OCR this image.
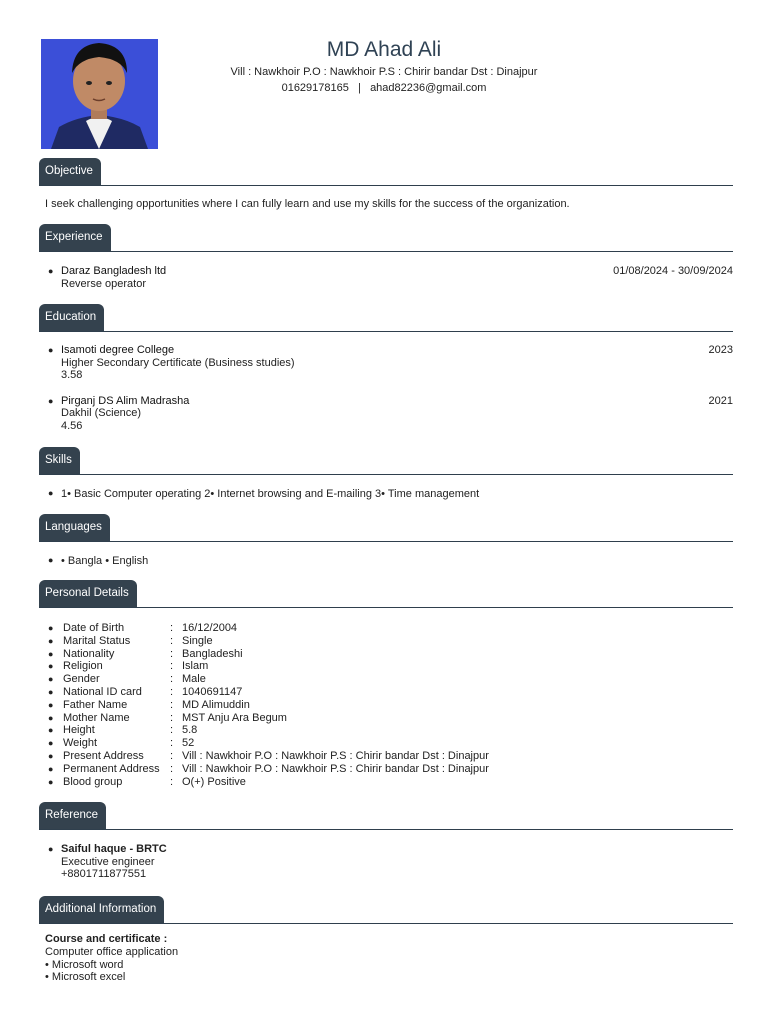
MD Ahad Ali
Vill : Nawkhoir P.O : Nawkhoir P.S : Chirir bandar Dst : Dinajpur
01629178165   |   ahad82236@gmail.com
Objective
I seek challenging opportunities where I can fully learn and use my skills for the success of the organization.
Experience
● Daraz Bangladesh ltd
Reverse operator
01/08/2024 - 30/09/2024
Education
● Isamoti degree College
Higher Secondary Certificate (Business studies)
3.58
2023
● Pirganj DS Alim Madrasha
Dakhil (Science)
4.56
2021
Skills
● 1• Basic Computer operating 2• Internet browsing and E-mailing 3• Time management
Languages
● • Bangla • English
Personal Details
●	Date of Birth	:	16/12/2004
●	Marital Status	:	Single
●	Nationality	:	Bangladeshi
●	Religion	:	Islam
●	Gender	:	Male
●	National ID card	:	1040691147
●	Father Name	:	MD Alimuddin
●	Mother Name	:	MST Anju Ara Begum
●	Height	:	5.8
●	Weight	:	52
●	Present Address	:	Vill : Nawkhoir P.O : Nawkhoir P.S : Chirir bandar Dst : Dinajpur
●	Permanent Address	:	Vill : Nawkhoir P.O : Nawkhoir P.S : Chirir bandar Dst : Dinajpur
●	Blood group	:	O(+) Positive
Reference
● Saiful haque - BRTC
Executive engineer
+8801711877551
Additional Information
Course and certificate :
Computer office application
• Microsoft word
• Microsoft excel
